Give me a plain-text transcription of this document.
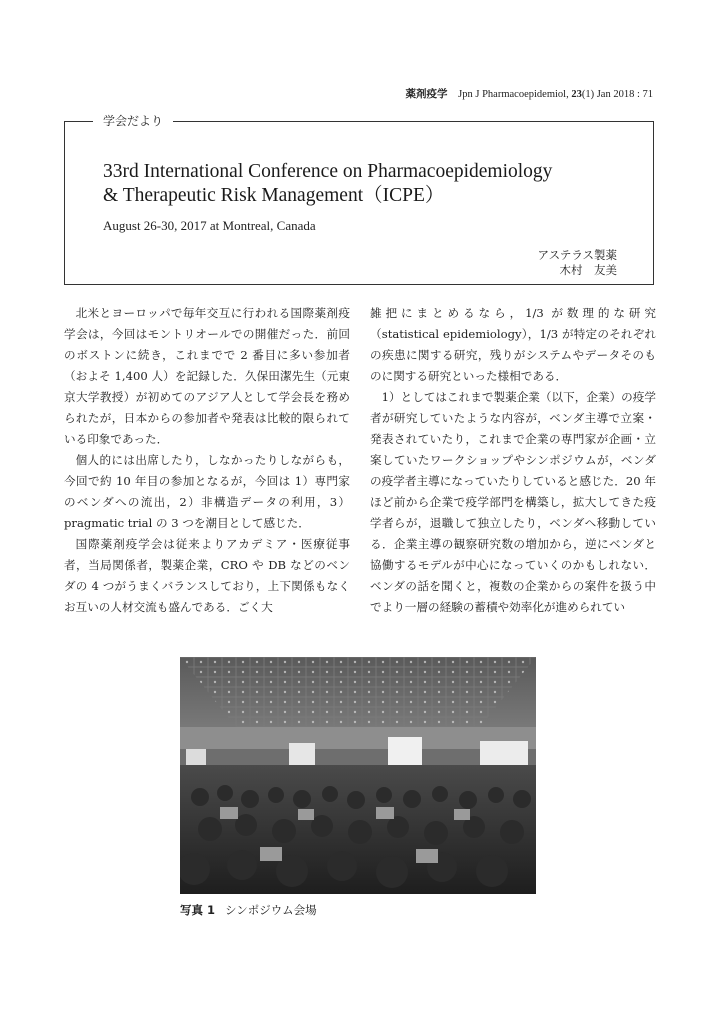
薬剤疫学 Jpn J Pharmacoepidemiol, 23(1) Jan 2018 : 71
学会だより
33rd International Conference on Pharmacoepidemiology
& Therapeutic Risk Management（ICPE）
August 26-30, 2017 at Montreal, Canada
アステラス製薬
木村　友美

北米とヨーロッパで毎年交互に行われる国際薬剤疫学会は，今回はモントリオールでの開催だった．前回のボストンに続き，これまでで 2 番目に多い参加者（およそ 1,400 人）を記録した．久保田潔先生（元東京大学教授）が初めてのアジア人として学会長を務められたが，日本からの参加者や発表は比較的限られている印象であった．

個人的には出席したり，しなかったりしながらも，今回で約 10 年目の参加となるが，今回は 1）専門家のベンダへの流出，2）非構造データの利用，3）pragmatic trial の 3 つを潮目として感じた．

国際薬剤疫学会は従来よりアカデミア・医療従事者，当局関係者，製薬企業，CRO や DB などのベンダの 4 つがうまくバランスしており，上下関係もなくお互いの人材交流も盛んである．ごく大

雑把にまとめるなら，1/3 が数理的な研究（statistical epidemiology），1/3 が特定のそれぞれの疾患に関する研究，残りがシステムやデータそのものに関する研究といった様相である．

1）としてはこれまで製薬企業（以下，企業）の疫学者が研究していたような内容が，ベンダ主導で立案・発表されていたり，これまで企業の専門家が企画・立案していたワークショップやシンポジウムが，ベンダの疫学者主導になっていたりしていると感じた．20 年ほど前から企業で疫学部門を構築し，拡大してきた疫学者らが，退職して独立したり，ベンダへ移動している．企業主導の観察研究数の増加から，逆にベンダと協働するモデルが中心になっていくのかもしれない．ベンダの話を聞くと，複数の企業からの案件を扱う中でより一層の経験の蓄積や効率化が進められてい

写真 1 シンポジウム会場
